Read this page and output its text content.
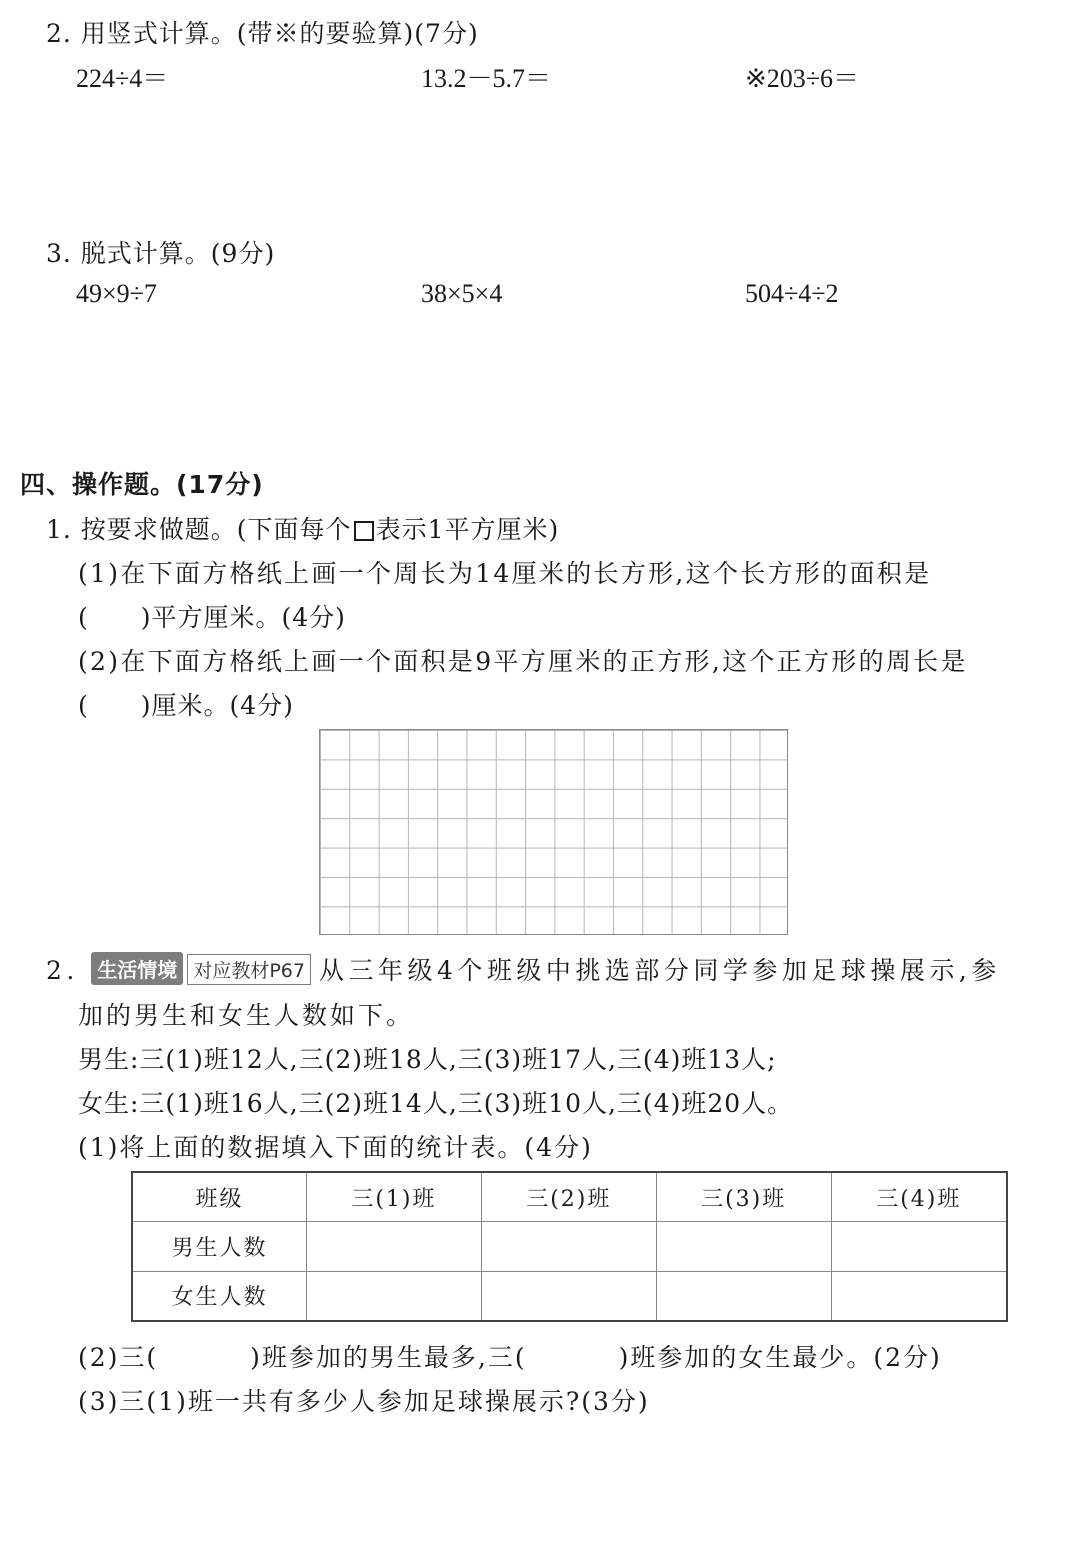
2. 用竖式计算。(带※的要验算)(7分)
224÷4＝	13.2－5.7＝	※203÷6＝
3. 脱式计算。(9分)
49×9÷7	38×5×4	504÷4÷2
四、操作题。(17分)
1. 按要求做题。(下面每个 表示1平方厘米)
(1)在下面方格纸上画一个周长为14厘米的长方形,这个长方形的面积是
(　　)平方厘米。(4分)
(2)在下面方格纸上画一个面积是9平方厘米的正方形,这个正方形的周长是
(　　)厘米。(4分)
2. 生活情境 对应教材P67 从三年级4个班级中挑选部分同学参加足球操展示,参
加的男生和女生人数如下。
男生:三(1)班12人,三(2)班18人,三(3)班17人,三(4)班13人;
女生:三(1)班16人,三(2)班14人,三(3)班10人,三(4)班20人。
(1)将上面的数据填入下面的统计表。(4分)
班级	三(1)班	三(2)班	三(3)班	三(4)班
男生人数				
女生人数				
(2)三(	)班参加的男生最多,三(	)班参加的女生最少。(2分)
(3)三(1)班一共有多少人参加足球操展示?(3分)
